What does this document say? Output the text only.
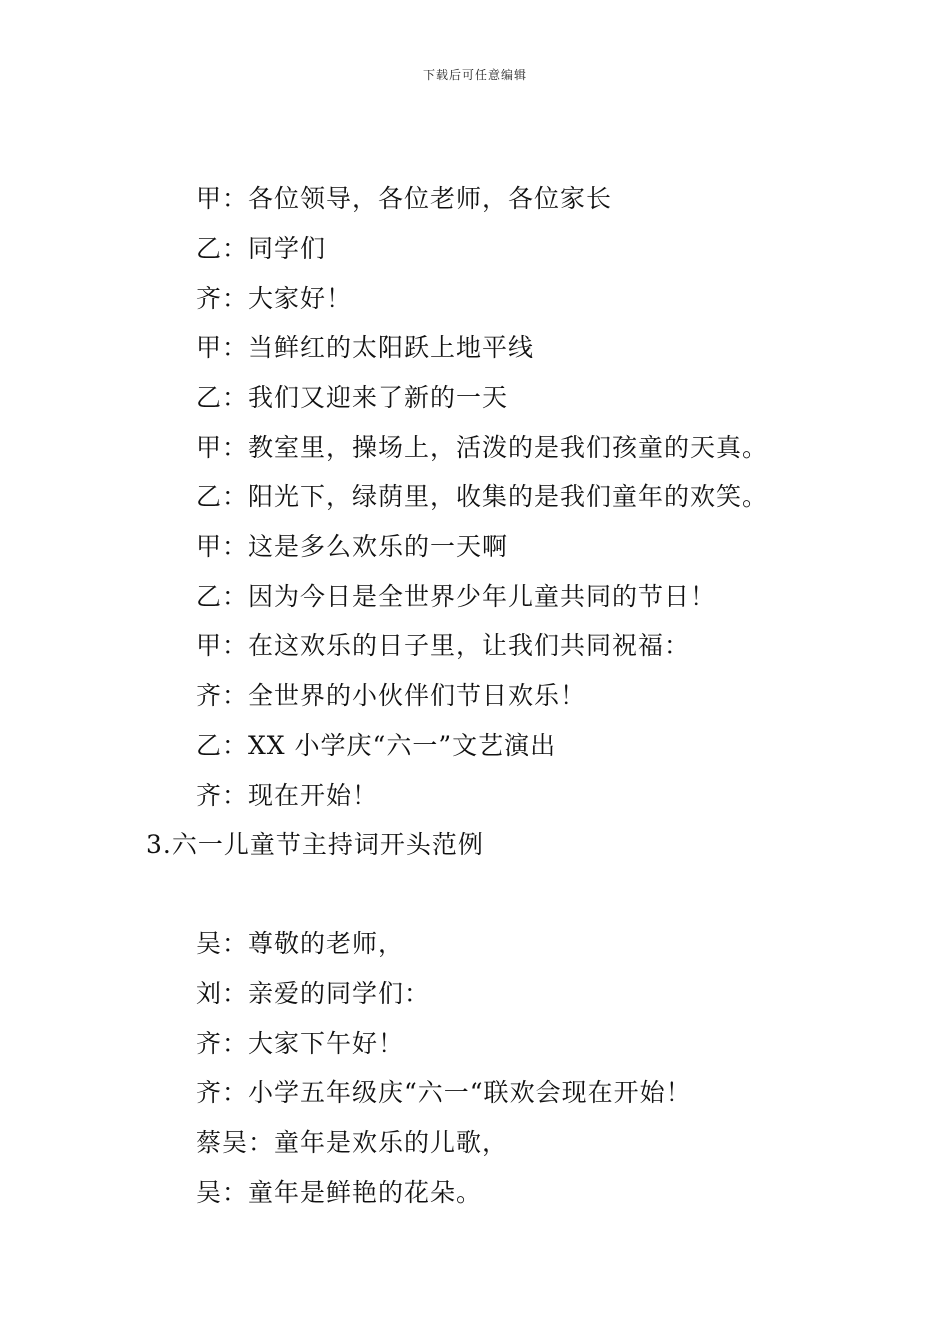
下载后可任意编辑
甲：各位领导，各位老师，各位家长
乙：同学们
齐：大家好！
甲：当鲜红的太阳跃上地平线
乙：我们又迎来了新的一天
甲：教室里，操场上，活泼的是我们孩童的天真。
乙：阳光下，绿荫里，收集的是我们童年的欢笑。
甲：这是多么欢乐的一天啊
乙：因为今日是全世界少年儿童共同的节日！
甲：在这欢乐的日子里，让我们共同祝福：
齐：全世界的小伙伴们节日欢乐！
乙：XX 小学庆“六一”文艺演出
齐：现在开始！
3.六一儿童节主持词开头范例
吴：尊敬的老师，
刘：亲爱的同学们：
齐：大家下午好！
齐：小学五年级庆“六一“联欢会现在开始！
蔡吴：童年是欢乐的儿歌，
吴：童年是鲜艳的花朵。
